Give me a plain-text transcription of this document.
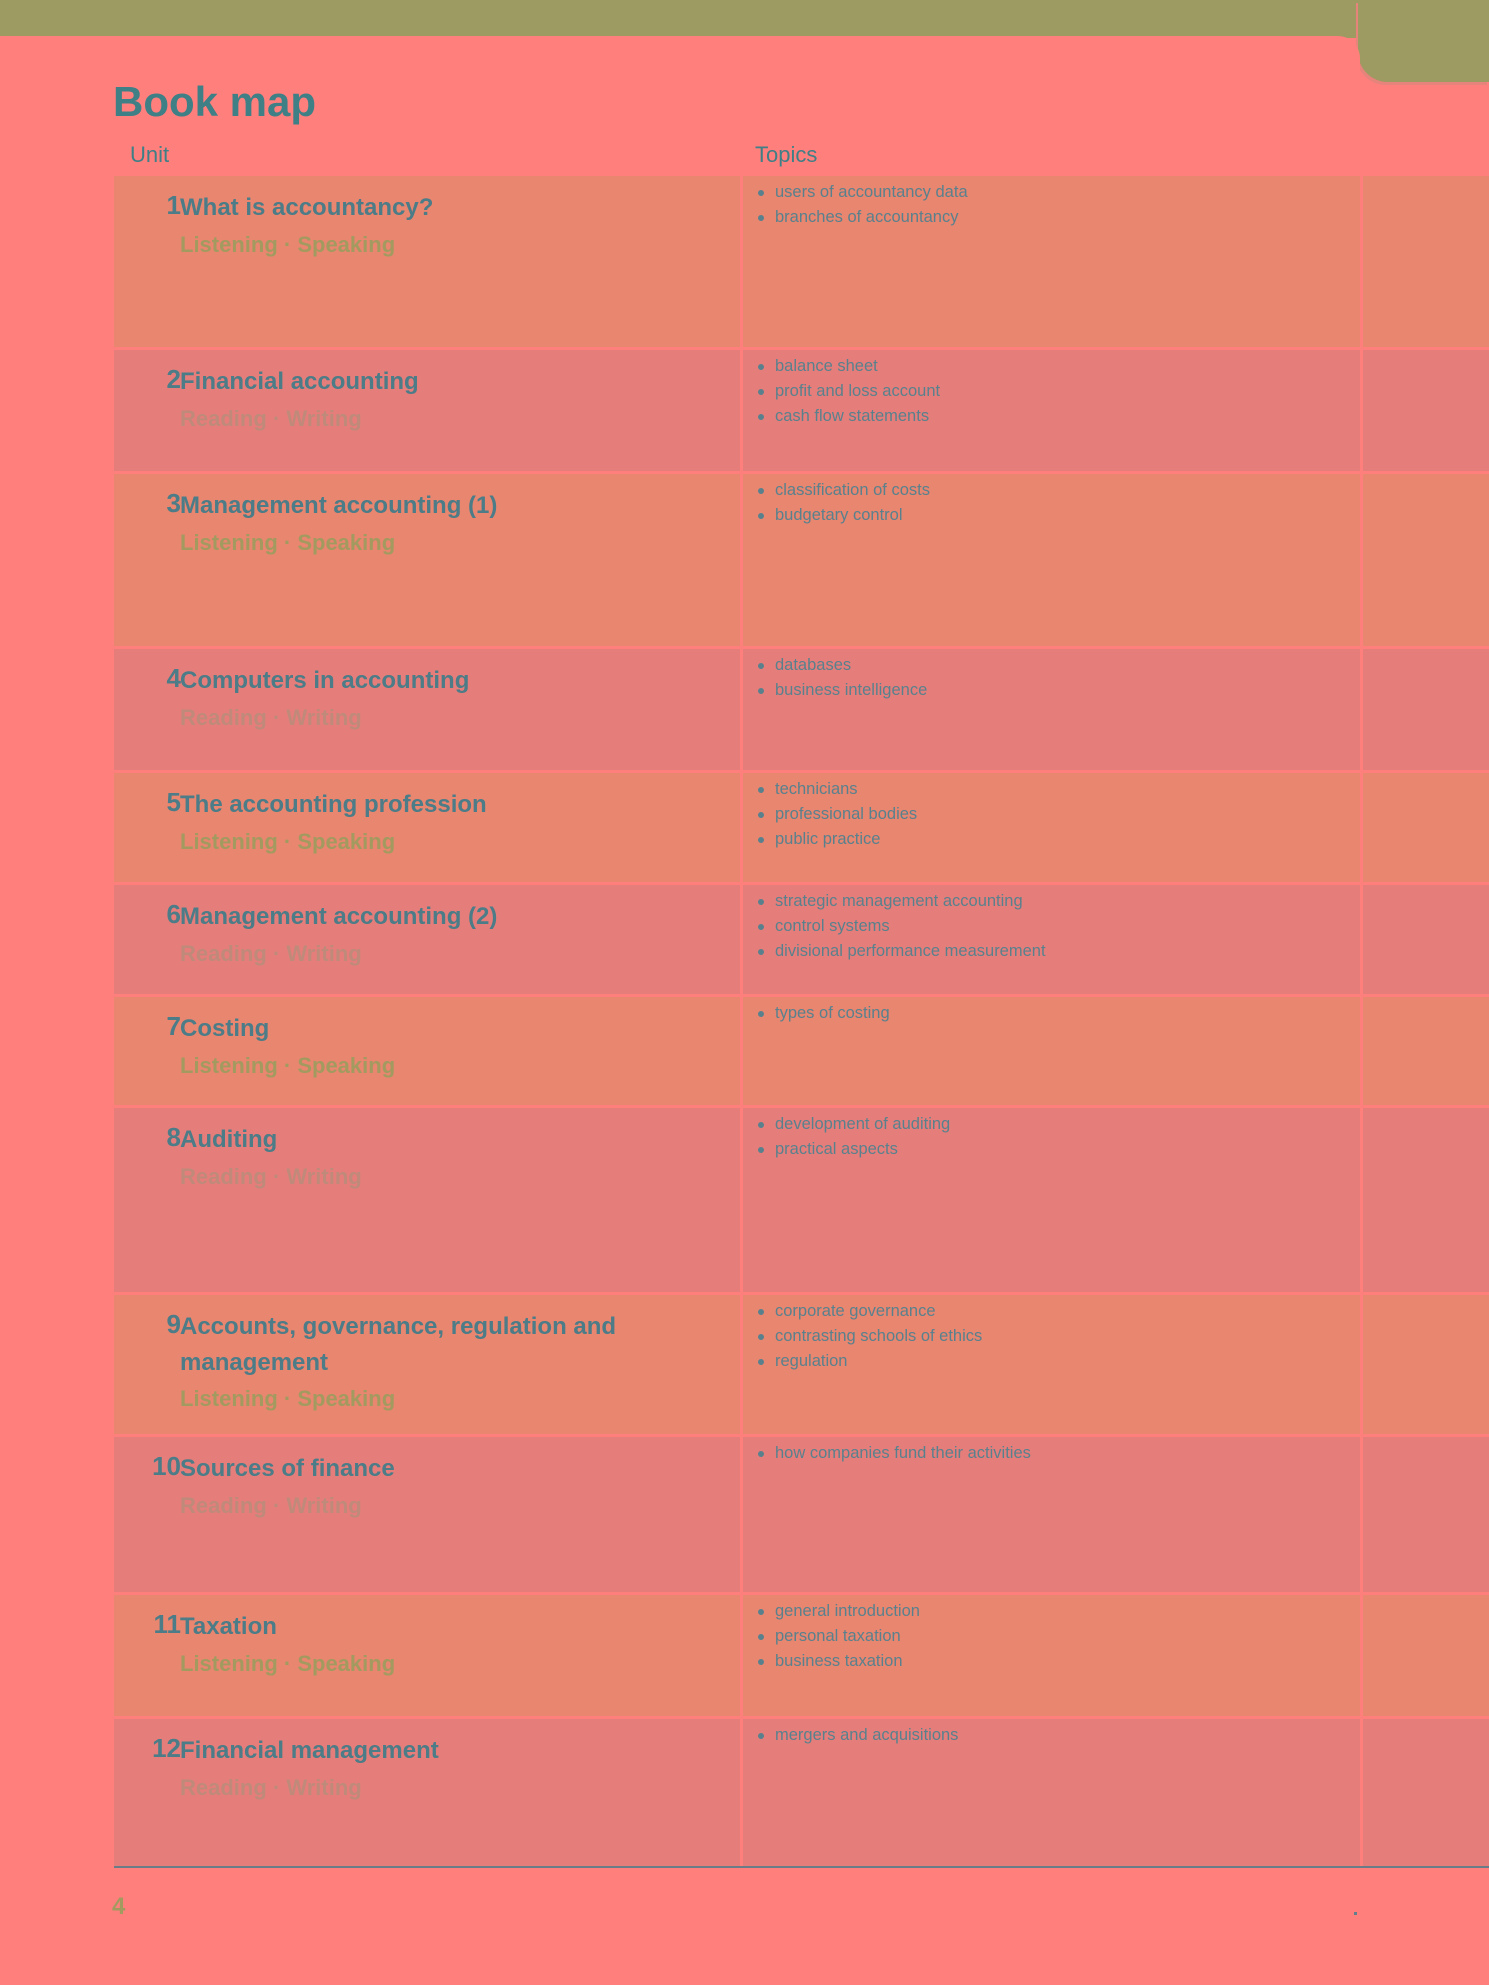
Book map
Unit	Topics
1 What is accountancy?
Listening · Speaking
users of accountancy data
branches of accountancy
2 Financial accounting
Reading · Writing
balance sheet
profit and loss account
cash flow statements
3 Management accounting (1)
Listening · Speaking
classification of costs
budgetary control
4 Computers in accounting
Reading · Writing
databases
business intelligence
5 The accounting profession
Listening · Speaking
technicians
professional bodies
public practice
6 Management accounting (2)
Reading · Writing
strategic management accounting
control systems
divisional performance measurement
7 Costing
Listening · Speaking
types of costing
8 Auditing
Reading · Writing
development of auditing
practical aspects
9 Accounts, governance, regulation and management
Listening · Speaking
corporate governance
contrasting schools of ethics
regulation
10 Sources of finance
Reading · Writing
how companies fund their activities
11 Taxation
Listening · Speaking
general introduction
personal taxation
business taxation
12 Financial management
Reading · Writing
mergers and acquisitions
4
